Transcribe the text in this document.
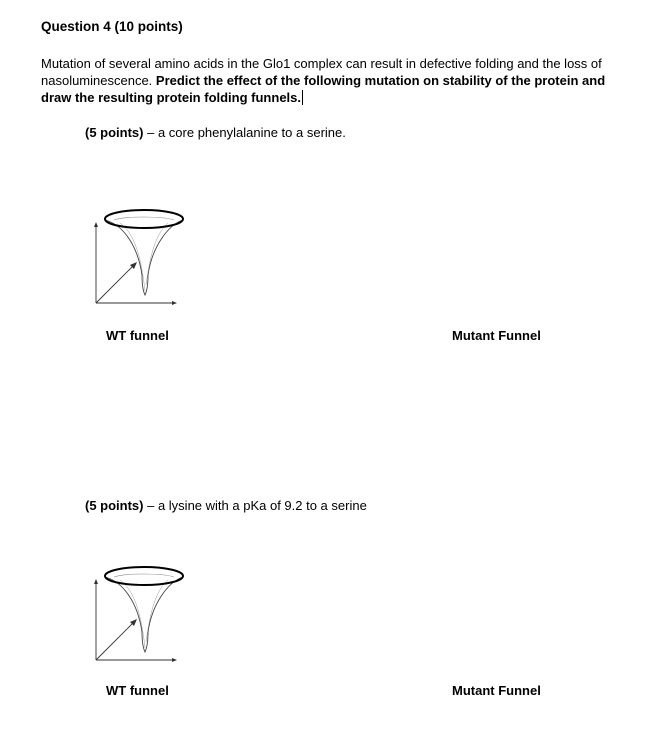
Question 4 (10 points)
Mutation of several amino acids in the Glo1 complex can result in defective folding and the loss of nasoluminescence. Predict the effect of the following mutation on stability of the protein and draw the resulting protein folding funnels.
(5 points) – a core phenylalanine to a serine.
WT funnel	Mutant Funnel
(5 points) – a lysine with a pKa of 9.2 to a serine
WT funnel	Mutant Funnel
